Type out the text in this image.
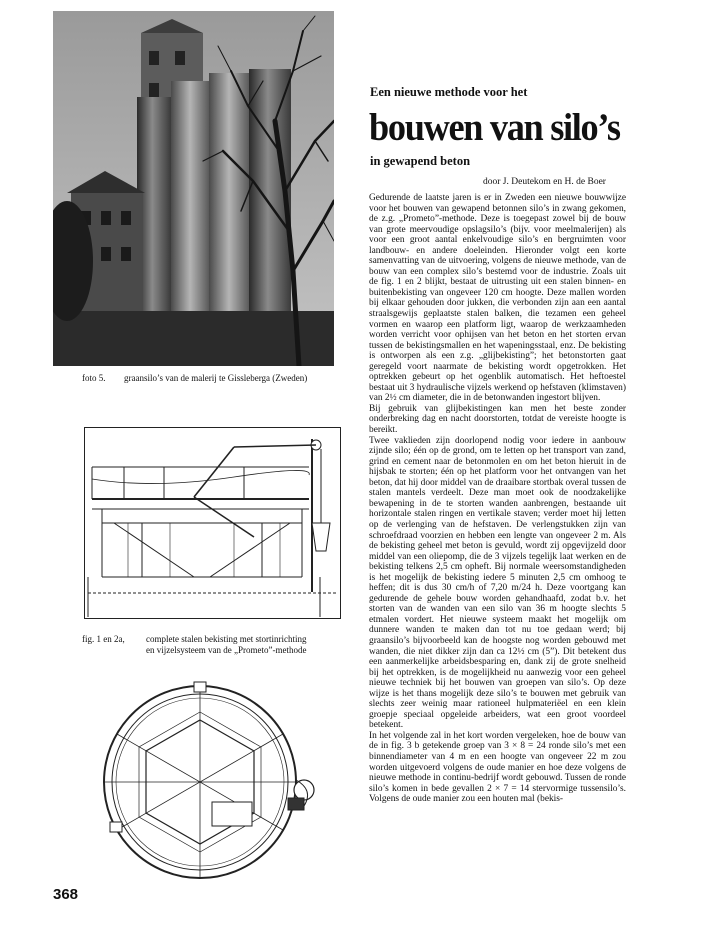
foto 5. graansilo’s van de malerij te Gissleberga (Zweden)
fig. 1 en 2a, complete stalen bekisting met stortinrichting
en vijzelsysteem van de „Prometo”-methode
Een nieuwe methode voor het
bouwen van silo’s
in gewapend beton
door J. Deutekom en H. de Boer

Gedurende de laatste jaren is er in Zweden een nieuwe bouwwijze voor het bouwen van gewapend betonnen silo’s in zwang gekomen, de z.g. „Prometo”-methode. Deze is toegepast zowel bij de bouw van grote meervoudige opslagsilo’s (bijv. voor meelmalerijen) als voor een groot aantal enkelvoudige silo’s en bergruimten voor landbouw- en andere doeleinden. Hieronder volgt een korte samenvatting van de uitvoering, volgens de nieuwe methode, van de bouw van een complex silo’s bestemd voor de industrie. Zoals uit de fig. 1 en 2 blijkt, bestaat de uitrusting uit een stalen binnen- en buitenbekisting van ongeveer 120 cm hoogte. Deze mallen worden bij elkaar gehouden door jukken, die verbonden zijn aan een aantal straalsgewijs geplaatste stalen balken, die tezamen een geheel vormen en waarop een platform ligt, waarop de werkzaamheden worden verricht voor ophijsen van het beton en het storten ervan tussen de bekistingsmallen en het wapeningsstaal, enz. De bekisting is ontworpen als een z.g. „glijbekisting”; het betonstorten gaat geregeld voort naarmate de bekisting wordt opgetrokken. Het optrekken gebeurt op het ogenblik automatisch. Het heftoestel bestaat uit 3 hydraulische vijzels werkend op hefstaven (klimstaven) van 2½ cm diameter, die in de betonwanden ingestort blijven.

Bij gebruik van glijbekistingen kan men het beste zonder onderbreking dag en nacht doorstorten, totdat de vereiste hoogte is bereikt.

Twee vaklieden zijn doorlopend nodig voor iedere in aanbouw zijnde silo; één op de grond, om te letten op het transport van zand, grind en cement naar de betonmolen en om het beton hieruit in de hijsbak te storten; één op het platform voor het ontvangen van het beton, dat hij door middel van de draaibare stortbak overal tussen de stalen mantels verdeelt. Deze man moet ook de noodzakelijke bewapening in de te storten wanden aanbrengen, bestaande uit horizontale stalen ringen en vertikale staven; verder moet hij letten op de verlenging van de hefstaven. De verlengstukken zijn van schroefdraad voorzien en hebben een lengte van ongeveer 2 m. Als de bekisting geheel met beton is gevuld, wordt zij opgevijzeld door middel van een oliepomp, die de 3 vijzels tegelijk laat werken en de bekisting telkens 2,5 cm opheft. Bij normale weersomstandigheden is het mogelijk de bekisting iedere 5 minuten 2,5 cm omhoog te heffen; dit is dus 30 cm/h of 7,20 m/24 h. Deze voortgang kan gedurende de gehele bouw worden gehandhaafd, zodat b.v. het storten van de wanden van een silo van 36 m hoogte slechts 5 etmalen vordert. Het nieuwe systeem maakt het mogelijk om dunnere wanden te maken dan tot nu toe gedaan werd; bij graansilo’s bijvoorbeeld kan de hoogste nog worden gebouwd met wanden, die niet dikker zijn dan ca 12½ cm (5”). Dit betekent dus een aanmerkelijke arbeidsbesparing en, dank zij de grote snelheid bij het optrekken, is de mogelijkheid nu aanwezig voor een geheel nieuwe techniek bij het bouwen van groepen van silo’s. Op deze wijze is het thans mogelijk deze silo’s te bouwen met gebruik van slechts zeer weinig maar rationeel hulpmateriëel en een klein groepje speciaal opgeleide arbeiders, wat een groot voordeel betekent.

In het volgende zal in het kort worden vergeleken, hoe de bouw van de in fig. 3 b getekende groep van 3 × 8 = 24 ronde silo’s met een binnendiameter van 4 m en een hoogte van ongeveer 22 m zou worden uitgevoerd volgens de oude manier en hoe deze volgens de nieuwe methode in continu-bedrijf wordt gebouwd. Tussen de ronde silo’s komen in bede gevallen 2 × 7 = 14 stervormige tussensilo’s. Volgens de oude manier zou een houten mal (bekis-

368
